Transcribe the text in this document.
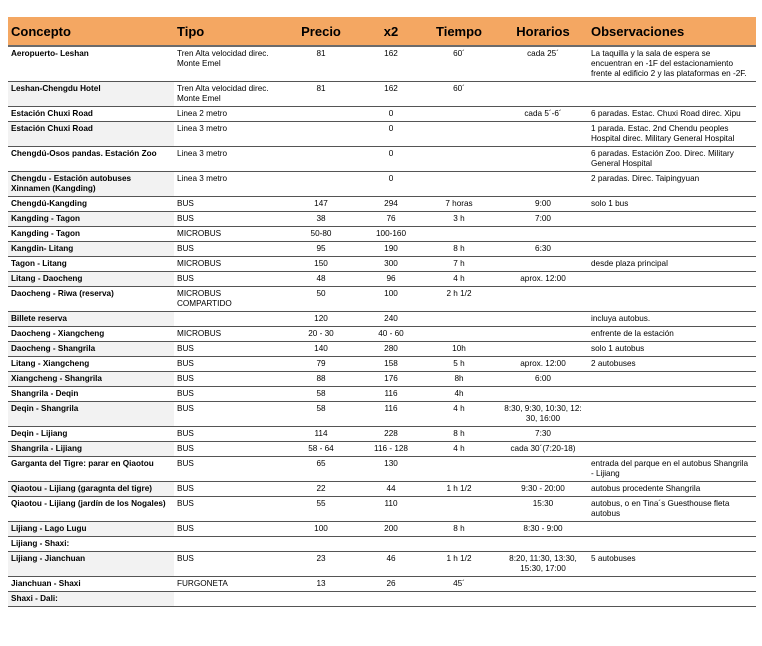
Concepto	Tipo	Precio	x2	Tiempo	Horarios	Observaciones
Aeropuerto- Leshan	Tren Alta velocidad direc. Monte Emel	81	162	60´	cada 25´	La taquilla y la sala de espera se encuentran en -1F del estacionamiento frente al edificio 2 y las plataformas en -2F.
Leshan-Chengdu Hotel	Tren Alta velocidad direc. Monte Emel	81	162	60´		
Estación Chuxi Road	Linea 2 metro		0		cada 5´-6´	6 paradas. Estac. Chuxi Road direc. Xipu
Estación Chuxi Road	Linea 3 metro		0			1 parada. Estac. 2nd Chendu peoples Hospital direc. Military General Hospital
Chengdú-Osos pandas. Estación Zoo	Linea 3 metro		0			6 paradas. Estación Zoo. Direc. Military General Hospital
Chengdu - Estación autobuses Xinnamen (Kangding)	Linea 3 metro		0			2 paradas. Direc. Taipingyuan
Chengdú-Kangding	BUS	147	294	7 horas	9:00	solo 1 bus
Kangding - Tagon	BUS	38	76	3 h	7:00	
Kangding - Tagon	MICROBUS	50-80	100-160			
Kangdin- Litang	BUS	95	190	8 h	6:30	
Tagon - Litang	MICROBUS	150	300	7 h		desde plaza principal
Litang - Daocheng	BUS	48	96	4 h	aprox. 12:00	
Daocheng - Riwa (reserva)	MICROBUS COMPARTIDO	50	100	2 h 1/2		
Billete reserva		120	240			incluya autobus.
Daocheng - Xiangcheng	MICROBUS	20 - 30	40 - 60			enfrente de la estación
Daocheng - Shangrila	BUS	140	280	10h		solo 1 autobus
Litang - Xiangcheng	BUS	79	158	5 h	aprox. 12:00	2 autobuses
Xiangcheng - Shangrila	BUS	88	176	8h	6:00	
Shangrila - Deqin	BUS	58	116	4h		
Deqin - Shangrila	BUS	58	116	4 h	8:30, 9:30, 10:30, 12: 30, 16:00	
Deqin - Lijiang	BUS	114	228	8 h	7:30	
Shangrila - Lijiang	BUS	58 - 64	116 - 128	4 h	cada 30´(7:20-18)	
Garganta del Tigre: parar en Qiaotou	BUS	65	130			entrada del parque en el autobus Shangrila - Lijiang
Qiaotou - Lijiang (garagnta del tigre)	BUS	22	44	1 h 1/2	9:30 - 20:00	autobus procedente Shangrila
Qiaotou - Lijiang (jardín de los Nogales)	BUS	55	110		15:30	autobus, o en Tina´s Guesthouse fleta autobus
Lijiang - Lago Lugu	BUS	100	200	8 h	8:30 - 9:00	
Lijiang - Shaxi:						
Lijiang - Jianchuan	BUS	23	46	1 h 1/2	8:20, 11:30, 13:30, 15:30, 17:00	5 autobuses
Jianchuan - Shaxi	FURGONETA	13	26	45´		
Shaxi - Dali:						
